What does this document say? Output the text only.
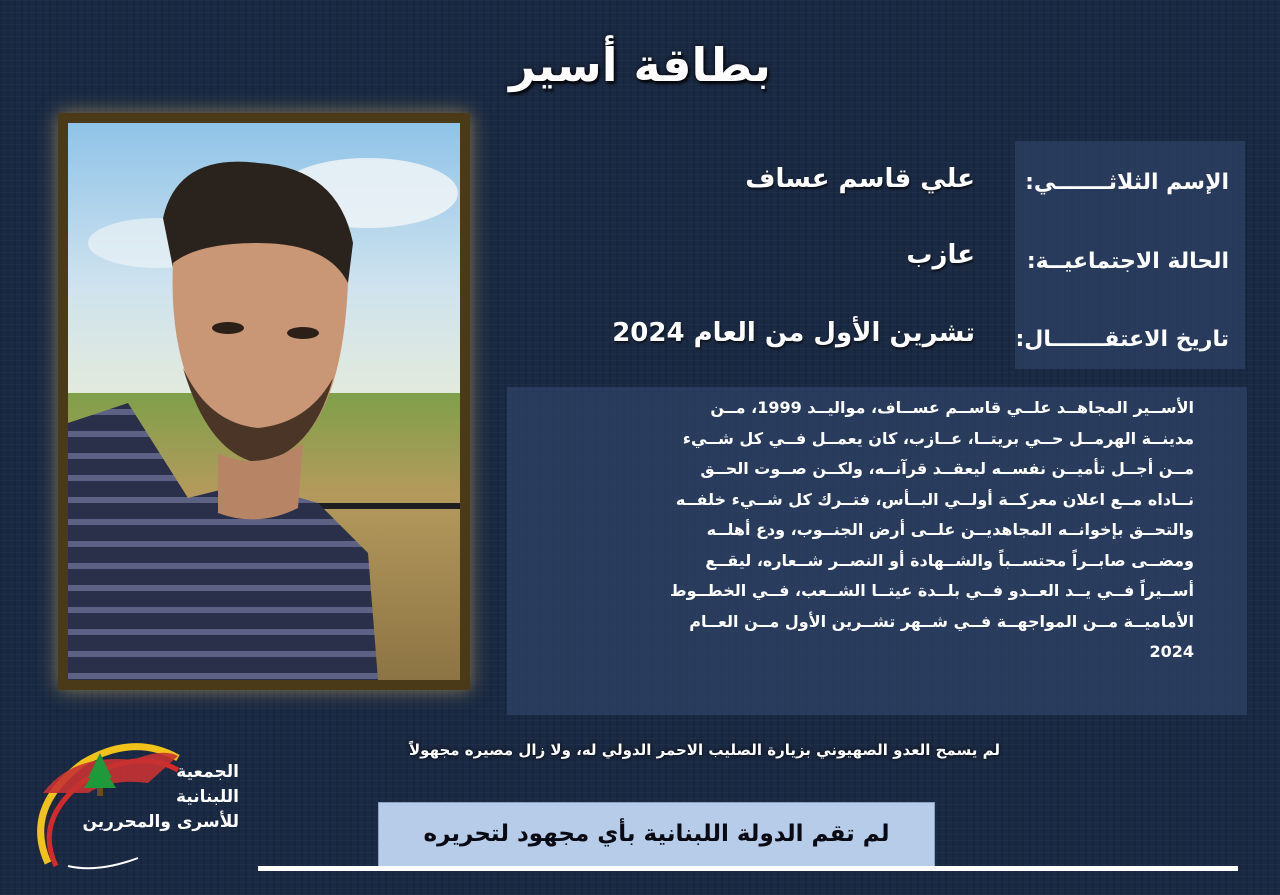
بطاقة أسير
الإسم الثلاثـــــــي:
الحالة الاجتماعيــة:
تاريخ الاعتقـــــــال:
علي قاسم عساف
عازب
تشرين الأول من العام 2024
الأســير المجاهــد علــي قاســم عســاف، مواليــد 1999، مــن
مدينــة الهرمــل حــي بريتــا، عــازب، كان يعمــل فــي كل شــيء
مــن أجــل تأميــن نفســه ليعقــد قرآنــه، ولكــن صــوت الحــق
نــاداه مــع اعلان معركــة أولــي البــأس، فتــرك كل شــيء خلفــه
والتحــق بإخوانــه المجاهديــن علــى أرض الجنــوب، ودع أهلــه
ومضــى صابــراً محتســباً والشــهادة أو النصــر شــعاره، ليقــع
أســيراً فــي يــد العــدو فــي بلــدة عيتــا الشــعب، فــي الخطــوط
الأماميــة مــن المواجهــة فــي شــهر تشــرين الأول مــن العــام
2024
لم يسمح العدو الصهيوني بزيارة الصليب الاحمر الدولي له، ولا زال مصيره مجهولاً
لم تقم الدولة اللبنانية بأي مجهود لتحريره
الجمعية
اللبنانية
للأسرى والمحررين
